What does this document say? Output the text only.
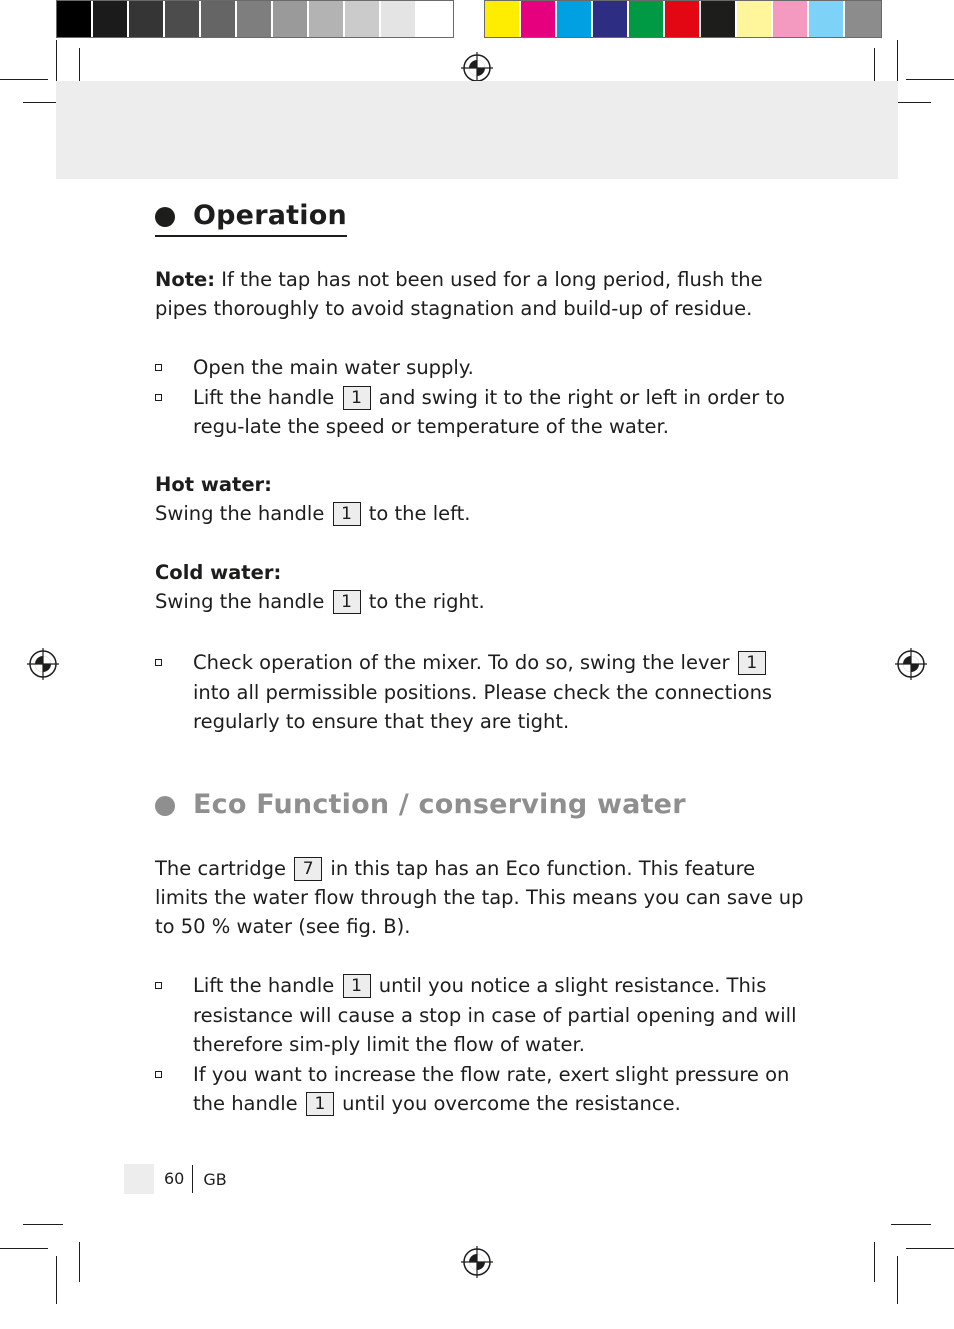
Operation
Note: If the tap has not been used for a long period, flush the pipes thoroughly to avoid stagnation and build-up of residue.
Open the main water supply.
Lift the handle 1 and swing it to the right or left in order to regu-late the speed or temperature of the water.
Hot water:
Swing the handle 1 to the left.
Cold water:
Swing the handle 1 to the right.
Check operation of the mixer. To do so, swing the lever 1 into all permissible positions. Please check the connections regularly to ensure that they are tight.
Eco Function / conserving water
The cartridge 7 in this tap has an Eco function. This feature limits the water flow through the tap. This means you can save up to 50 % water (see fig. B).
Lift the handle 1 until you notice a slight resistance. This resistance will cause a stop in case of partial opening and will therefore sim-ply limit the flow of water.
If you want to increase the flow rate, exert slight pressure on the handle 1 until you overcome the resistance.
60	GB
